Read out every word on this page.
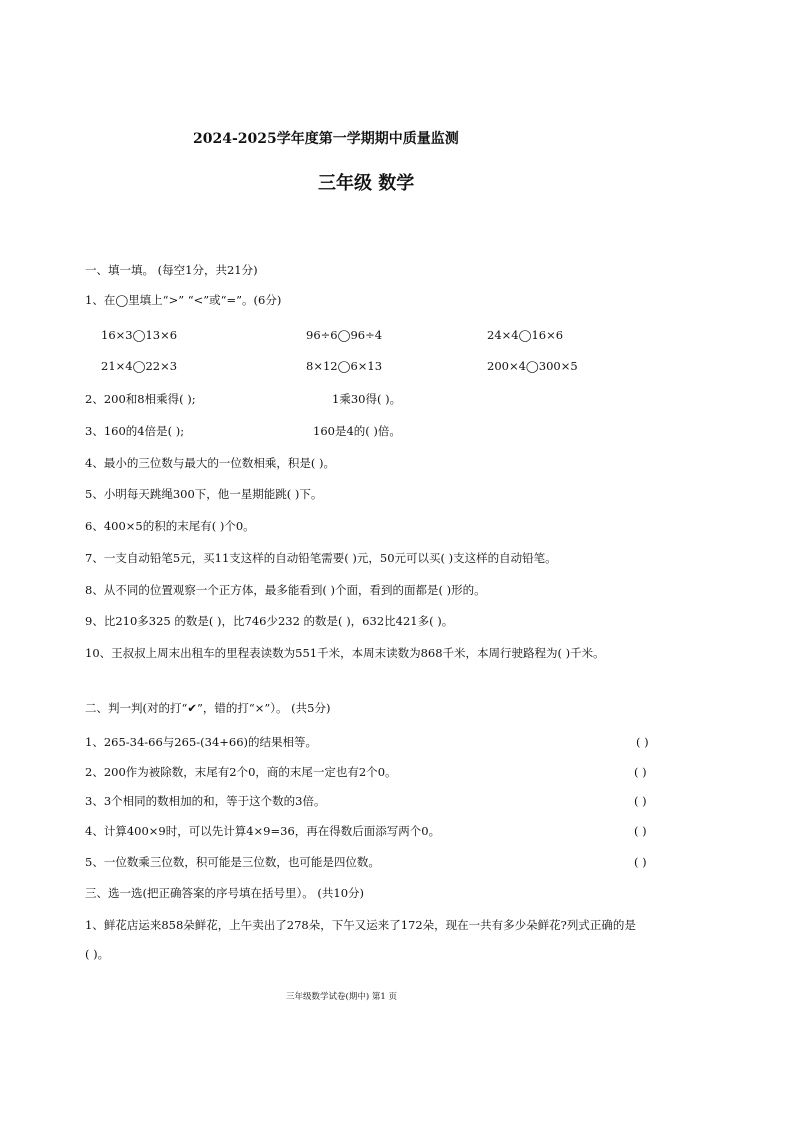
2024-2025学年度第一学期期中质量监测
三年级 数学
一、填一填。 (每空1分，共21分)
1、在◯里填上“>” “<”或“=”。(6分)
16×3◯13×6	96÷6◯96÷4	24×4◯16×6
21×4◯22×3	8×12◯6×13	200×4◯300×5
2、200和8相乘得( );	1乘30得( )。
3、160的4倍是( );	160是4的( )倍。
4、最小的三位数与最大的一位数相乘，积是( )。
5、小明每天跳绳300下，他一星期能跳( )下。
6、400×5的积的末尾有( )个0。
7、一支自动铅笔5元，买11支这样的自动铅笔需要( )元，50元可以买( )支这样的自动铅笔。
8、从不同的位置观察一个正方体，最多能看到( )个面，看到的面都是( )形的。
9、比210多325 的数是( )，比746少232 的数是( )，632比421多( )。
10、王叔叔上周末出租车的里程表读数为551千米，本周末读数为868千米，本周行驶路程为( )千米。
二、判一判(对的打“✔”，错的打“×”）。 (共5分)
1、265-34-66与265-(34+66)的结果相等。	( )
2、200作为被除数，末尾有2个0，商的末尾一定也有2个0。	( )
3、3个相同的数相加的和，等于这个数的3倍。	( )
4、计算400×9时，可以先计算4×9=36，再在得数后面添写两个0。	( )
5、一位数乘三位数，积可能是三位数，也可能是四位数。	( )
三、选一选(把正确答案的序号填在括号里）。 (共10分)
1、鲜花店运来858朵鲜花，上午卖出了278朵，下午又运来了172朵，现在一共有多少朵鲜花?列式正确的是
( )。
三年级数学试卷(期中) 第1 页
